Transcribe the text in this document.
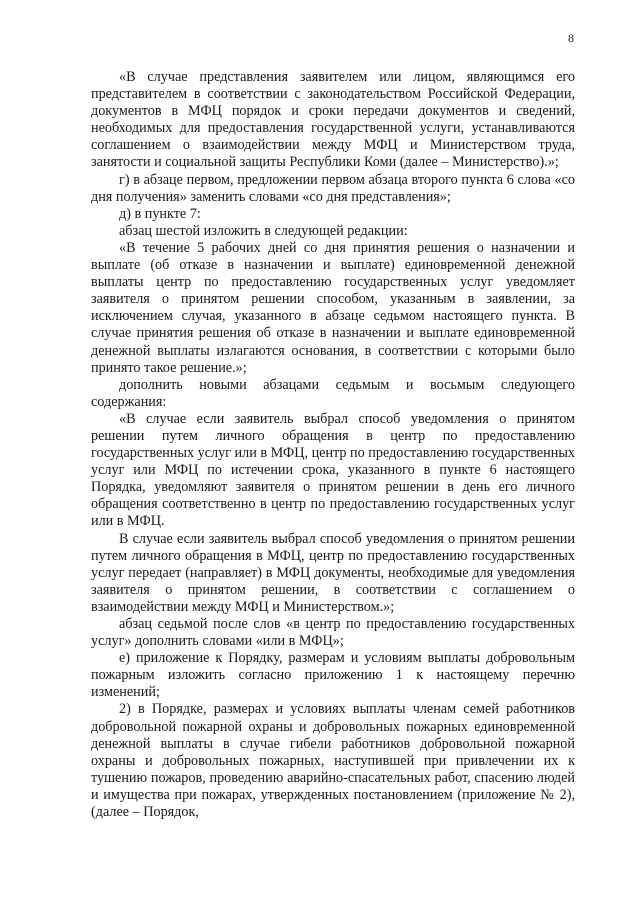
8

«В случае представления заявителем или лицом, являющимся его представителем в соответствии с законодательством Российской Федерации, документов в МФЦ порядок и сроки передачи документов и сведений, необходимых для предоставления государственной услуги, устанавливаются соглашением о взаимодействии между МФЦ и Министерством труда, занятости и социальной защиты Республики Коми (далее – Министерство).»;

г) в абзаце первом, предложении первом абзаца второго пункта 6 слова «со дня получения» заменить словами «со дня представления»;

д) в пункте 7:

абзац шестой изложить в следующей редакции:

«В течение 5 рабочих дней со дня принятия решения о назначении и выплате (об отказе в назначении и выплате) единовременной денежной выплаты центр по предоставлению государственных услуг уведомляет заявителя о принятом решении способом, указанным в заявлении, за исключением случая, указанного в абзаце седьмом настоящего пункта. В случае принятия решения об отказе в назначении и выплате единовременной денежной выплаты излагаются основания, в соответствии с которыми было принято такое решение.»;

дополнить новыми абзацами седьмым и восьмым следующего содержания:

«В случае если заявитель выбрал способ уведомления о принятом решении путем личного обращения в центр по предоставлению государственных услуг или в МФЦ, центр по предоставлению государственных услуг или МФЦ по истечении срока, указанного в пункте 6 настоящего Порядка, уведомляют заявителя о принятом решении в день его личного обращения соответственно в центр по предоставлению государственных услуг или в МФЦ.

В случае если заявитель выбрал способ уведомления о принятом решении путем личного обращения в МФЦ, центр по предоставлению государственных услуг передает (направляет) в МФЦ документы, необходимые для уведомления заявителя о принятом решении, в соответствии с соглашением о взаимодействии между МФЦ и Министерством.»;

абзац седьмой после слов «в центр по предоставлению государственных услуг» дополнить словами «или в МФЦ»;

е) приложение к Порядку, размерам и условиям выплаты добровольным пожарным изложить согласно приложению 1 к настоящему перечню изменений;

2) в Порядке, размерах и условиях выплаты членам семей работников добровольной пожарной охраны и добровольных пожарных единовременной денежной выплаты в случае гибели работников добровольной пожарной охраны и добровольных пожарных, наступившей при привлечении их к тушению пожаров, проведению аварийно-спасательных работ, спасению людей и имущества при пожарах, утвержденных постановлением (приложение № 2), (далее – Порядок,
